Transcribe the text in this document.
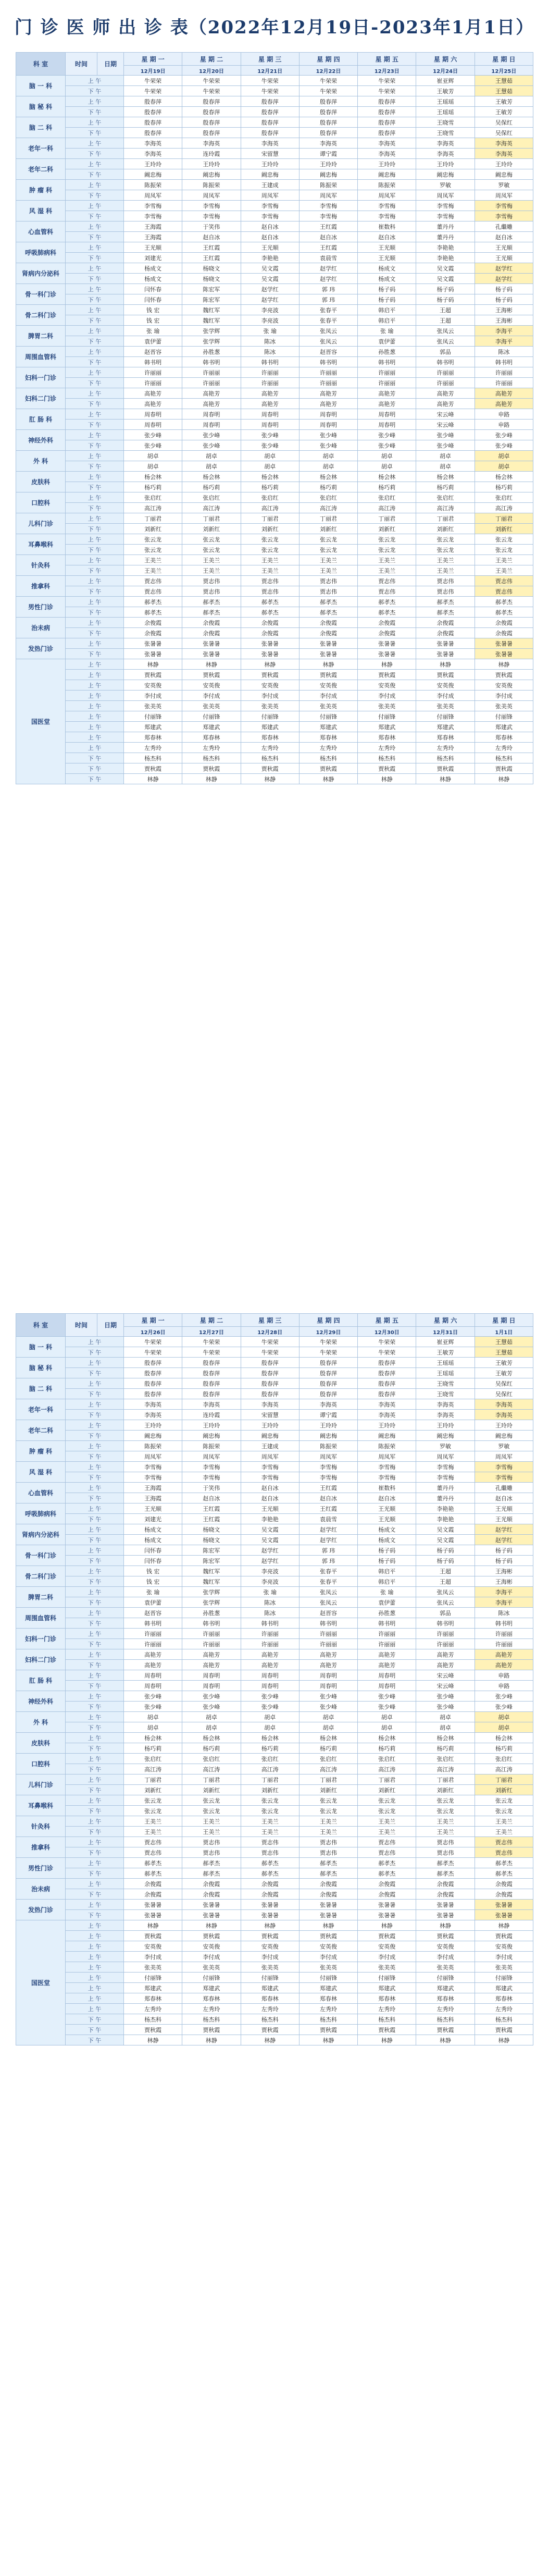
门 诊 医 师 出 诊 表（2022年12月19日-2023年1月1日）
科 室	时间	日期	星 期 一	星 期 二	星 期 三	星 期 四	星 期 五	星 期 六	星 期 日
			12月19日	12月20日	12月21日	12月22日	12月23日	12月24日	12月25日
脑 一 科	上 午		牛荣荣	牛荣荣	牛荣荣	牛荣荣	牛荣荣	崔亚辉	王慧茹
	下 午		牛荣荣	牛荣荣	牛荣荣	牛荣荣	牛荣荣	王敏芳	王慧茹
脑 秘 科	上 午		殷春萍	殷春萍	殷春萍	殷春萍	殷春萍	王瑶瑶	王敏芳
	下 午		殷春萍	殷春萍	殷春萍	殷春萍	殷春萍	王瑶瑶	王敏芳
脑 二 科	上 午		殷春萍	殷春萍	殷春萍	殷春萍	殷春萍	王晓雪	吴保红
	下 午		殷春萍	殷春萍	殷春萍	殷春萍	殷春萍	王晓雪	吴保红
老年一科	上 午		李海英	李海英	李海英	李海英	李海英	李海英	李海英
	下 午		李海英	连玲霞	宋留慧	谭宁霞	李海英	李海英	李海英
老年二科	上 午		王玲玲	王玲玲	王玲玲	王玲玲	王玲玲	王玲玲	王玲玲
	下 午		阚忠梅	阚忠梅	阚忠梅	阚忠梅	阚忠梅	阚忠梅	阚忠梅
肿 瘤 科	上 午		陈振荣	陈振荣	王建成	陈振荣	陈振荣	罗敏	罗敏
	下 午		周凤军	周凤军	周凤军	周凤军	周凤军	周凤军	周凤军
风 湿 科	上 午		李雪梅	李雪梅	李雪梅	李雪梅	李雪梅	李雪梅	李雪梅
	下 午		李雪梅	李雪梅	李雪梅	李雪梅	李雪梅	李雪梅	李雪梅
心血管科	上 午		王海霞	于笑伟	赵自冰	王红霞	崔数科	董丹丹	孔繼雕
	下 午		王海霞	赵自冰	赵自冰	赵自冰	赵自冰	董丹丹	赵自冰
呼吸肺病科	上 午		王光顺	王红霞	王光顺	王红霞	王光顺	李艳艳	王光顺
	下 午		刘建光	王红霞	李艳艳	袁晨雪	王光顺	李艳艳	王光顺
肾病内分泌科	上 午		杨成文	杨晓文	吴文霞	赵学红	杨成文	吴文霞	赵学红
	下 午		杨成文	杨晓文	吴文霞	赵学红	杨成文	吴文霞	赵学红
骨一科门诊	上 午		闫怀春	陈宏军	赵学红	郭 玮	杨子码	杨子码	杨子码
	下 午		闫怀春	陈宏军	赵学红	郭 玮	杨子码	杨子码	杨子码
骨二科门诊	上 午		钱 宏	魏红军	李亮波	张春平	韩启平	王超	王海彬
	下 午		钱 宏	魏红军	李亮波	张春平	韩启平	王超	王海彬
脾胃二科	上 午		张 瑜	张学辉	张 瑜	张凤云	张 瑜	张凤云	李海平
	下 午		袁伊蕾	张学辉	陈冰	张凤云	袁伊蕾	张凤云	李海平
周围血管科	上 午		赵晋容	孙胜葱	陈冰	赵晋容	孙胜葱	郭品	陈冰
	下 午		韩书明	韩书明	韩书明	韩书明	韩书明	韩书明	韩书明
妇科一门诊	上 午		许丽丽	许丽丽	许丽丽	许丽丽	许丽丽	许丽丽	许丽丽
	下 午		许丽丽	许丽丽	许丽丽	许丽丽	许丽丽	许丽丽	许丽丽
妇科二门诊	上 午		高艳芳	高艳芳	高艳芳	高艳芳	高艳芳	高艳芳	高艳芳
	下 午		高艳芳	高艳芳	高艳芳	高艳芳	高艳芳	高艳芳	高艳芳
肛 肠 科	上 午		周春明	周春明	周春明	周春明	周春明	宋云峰	申路
	下 午		周春明	周春明	周春明	周春明	周春明	宋云峰	申路
神经外科	上 午		张少峰	张少峰	张少峰	张少峰	张少峰	张少峰	张少峰
	下 午		张少峰	张少峰	张少峰	张少峰	张少峰	张少峰	张少峰
外 科	上 午		胡卓	胡卓	胡卓	胡卓	胡卓	胡卓	胡卓
	下 午		胡卓	胡卓	胡卓	胡卓	胡卓	胡卓	胡卓
皮肤科	上 午		杨会林	杨会林	杨会林	杨会林	杨会林	杨会林	杨会林
	下 午		杨巧莉	杨巧莉	杨巧莉	杨巧莉	杨巧莉	杨巧莉	杨巧莉
口腔科	上 午		张启红	张启红	张启红	张启红	张启红	张启红	张启红
	下 午		高江涛	高江涛	高江涛	高江涛	高江涛	高江涛	高江涛
儿科门诊	上 午		丁丽君	丁丽君	丁丽君	丁丽君	丁丽君	丁丽君	丁丽君
	下 午		刘新红	刘新红	刘新红	刘新红	刘新红	刘新红	刘新红
耳鼻喉科	上 午		张云龙	张云龙	张云龙	张云龙	张云龙	张云龙	张云龙
	下 午		张云龙	张云龙	张云龙	张云龙	张云龙	张云龙	张云龙
针灸科	上 午		王美兰	王美兰	王美兰	王美兰	王美兰	王美兰	王美兰
	下 午		王美兰	王美兰	王美兰	王美兰	王美兰	王美兰	王美兰
推拿科	上 午		贾志伟	贾志伟	贾志伟	贾志伟	贾志伟	贾志伟	贾志伟
	下 午		贾志伟	贾志伟	贾志伟	贾志伟	贾志伟	贾志伟	贾志伟
男性门诊	上 午		郝孝杰	郝孝杰	郝孝杰	郝孝杰	郝孝杰	郝孝杰	郝孝杰
	下 午		郝孝杰	郝孝杰	郝孝杰	郝孝杰	郝孝杰	郝孝杰	郝孝杰
治未病	上 午		余俊霞	余俊霞	余俊霞	余俊霞	余俊霞	余俊霞	余俊霞
	下 午		余俊霞	余俊霞	余俊霞	余俊霞	余俊霞	余俊霞	余俊霞
发热门诊	上 午		张暑暑	张暑暑	张暑暑	张暑暑	张暑暑	张暑暑	张暑暑
	下 午		张暑暑	张暑暑	张暑暑	张暑暑	张暑暑	张暑暑	张暑暑
国医堂	上 午		林静	林静	林静	林静	林静	林静	林静
	上 午		贾秋霞	贾秋霞	贾秋霞	贾秋霞	贾秋霞	贾秋霞	贾秋霞
	上 午		安英俊	安英俊	安英俊	安英俊	安英俊	安英俊	安英俊
	上 午		李付成	李付成	李付成	李付成	李付成	李付成	李付成
	上 午		张美英	张美英	张美英	张美英	张美英	张美英	张美英
	上 午		付丽锋	付丽锋	付丽锋	付丽锋	付丽锋	付丽锋	付丽锋
	上 午		郑建武	郑建武	郑建武	郑建武	郑建武	郑建武	郑建武
	上 午		郑春林	郑春林	郑春林	郑春林	郑春林	郑春林	郑春林
	上 午		左秀玲	左秀玲	左秀玲	左秀玲	左秀玲	左秀玲	左秀玲
	下 午		杨杰科	杨杰科	杨杰科	杨杰科	杨杰科	杨杰科	杨杰科
	下 午		贾秋霞	贾秋霞	贾秋霞	贾秋霞	贾秋霞	贾秋霞	贾秋霞
	下 午		林静	林静	林静	林静	林静	林静	林静
科 室	时间	日期	星 期 一	星 期 二	星 期 三	星 期 四	星 期 五	星 期 六	星 期 日
			12月26日	12月27日	12月28日	12月29日	12月30日	12月31日	1月1日
脑 一 科	上 午		牛荣荣	牛荣荣	牛荣荣	牛荣荣	牛荣荣	崔亚辉	王慧茹
	下 午		牛荣荣	牛荣荣	牛荣荣	牛荣荣	牛荣荣	王敏芳	王慧茹
脑 秘 科	上 午		殷春萍	殷春萍	殷春萍	殷春萍	殷春萍	王瑶瑶	王敏芳
	下 午		殷春萍	殷春萍	殷春萍	殷春萍	殷春萍	王瑶瑶	王敏芳
脑 二 科	上 午		殷春萍	殷春萍	殷春萍	殷春萍	殷春萍	王晓雪	吴保红
	下 午		殷春萍	殷春萍	殷春萍	殷春萍	殷春萍	王晓雪	吴保红
老年一科	上 午		李海英	李海英	李海英	李海英	李海英	李海英	李海英
	下 午		李海英	连玲霞	宋留慧	谭宁霞	李海英	李海英	李海英
老年二科	上 午		王玲玲	王玲玲	王玲玲	王玲玲	王玲玲	王玲玲	王玲玲
	下 午		阚忠梅	阚忠梅	阚忠梅	阚忠梅	阚忠梅	阚忠梅	阚忠梅
肿 瘤 科	上 午		陈振荣	陈振荣	王建成	陈振荣	陈振荣	罗敏	罗敏
	下 午		周凤军	周凤军	周凤军	周凤军	周凤军	周凤军	周凤军
风 湿 科	上 午		李雪梅	李雪梅	李雪梅	李雪梅	李雪梅	李雪梅	李雪梅
	下 午		李雪梅	李雪梅	李雪梅	李雪梅	李雪梅	李雪梅	李雪梅
心血管科	上 午		王海霞	于笑伟	赵自冰	王红霞	崔数科	董丹丹	孔繼雕
	下 午		王海霞	赵自冰	赵自冰	赵自冰	赵自冰	董丹丹	赵自冰
呼吸肺病科	上 午		王光顺	王红霞	王光顺	王红霞	王光顺	李艳艳	王光顺
	下 午		刘建光	王红霞	李艳艳	袁晨雪	王光顺	李艳艳	王光顺
肾病内分泌科	上 午		杨成文	杨晓文	吴文霞	赵学红	杨成文	吴文霞	赵学红
	下 午		杨成文	杨晓文	吴文霞	赵学红	杨成文	吴文霞	赵学红
骨一科门诊	上 午		闫怀春	陈宏军	赵学红	郭 玮	杨子码	杨子码	杨子码
	下 午		闫怀春	陈宏军	赵学红	郭 玮	杨子码	杨子码	杨子码
骨二科门诊	上 午		钱 宏	魏红军	李亮波	张春平	韩启平	王超	王海彬
	下 午		钱 宏	魏红军	李亮波	张春平	韩启平	王超	王海彬
脾胃二科	上 午		张 瑜	张学辉	张 瑜	张凤云	张 瑜	张凤云	李海平
	下 午		袁伊蕾	张学辉	陈冰	张凤云	袁伊蕾	张凤云	李海平
周围血管科	上 午		赵晋容	孙胜葱	陈冰	赵晋容	孙胜葱	郭品	陈冰
	下 午		韩书明	韩书明	韩书明	韩书明	韩书明	韩书明	韩书明
妇科一门诊	上 午		许丽丽	许丽丽	许丽丽	许丽丽	许丽丽	许丽丽	许丽丽
	下 午		许丽丽	许丽丽	许丽丽	许丽丽	许丽丽	许丽丽	许丽丽
妇科二门诊	上 午		高艳芳	高艳芳	高艳芳	高艳芳	高艳芳	高艳芳	高艳芳
	下 午		高艳芳	高艳芳	高艳芳	高艳芳	高艳芳	高艳芳	高艳芳
肛 肠 科	上 午		周春明	周春明	周春明	周春明	周春明	宋云峰	申路
	下 午		周春明	周春明	周春明	周春明	周春明	宋云峰	申路
神经外科	上 午		张少峰	张少峰	张少峰	张少峰	张少峰	张少峰	张少峰
	下 午		张少峰	张少峰	张少峰	张少峰	张少峰	张少峰	张少峰
外 科	上 午		胡卓	胡卓	胡卓	胡卓	胡卓	胡卓	胡卓
	下 午		胡卓	胡卓	胡卓	胡卓	胡卓	胡卓	胡卓
皮肤科	上 午		杨会林	杨会林	杨会林	杨会林	杨会林	杨会林	杨会林
	下 午		杨巧莉	杨巧莉	杨巧莉	杨巧莉	杨巧莉	杨巧莉	杨巧莉
口腔科	上 午		张启红	张启红	张启红	张启红	张启红	张启红	张启红
	下 午		高江涛	高江涛	高江涛	高江涛	高江涛	高江涛	高江涛
儿科门诊	上 午		丁丽君	丁丽君	丁丽君	丁丽君	丁丽君	丁丽君	丁丽君
	下 午		刘新红	刘新红	刘新红	刘新红	刘新红	刘新红	刘新红
耳鼻喉科	上 午		张云龙	张云龙	张云龙	张云龙	张云龙	张云龙	张云龙
	下 午		张云龙	张云龙	张云龙	张云龙	张云龙	张云龙	张云龙
针灸科	上 午		王美兰	王美兰	王美兰	王美兰	王美兰	王美兰	王美兰
	下 午		王美兰	王美兰	王美兰	王美兰	王美兰	王美兰	王美兰
推拿科	上 午		贾志伟	贾志伟	贾志伟	贾志伟	贾志伟	贾志伟	贾志伟
	下 午		贾志伟	贾志伟	贾志伟	贾志伟	贾志伟	贾志伟	贾志伟
男性门诊	上 午		郝孝杰	郝孝杰	郝孝杰	郝孝杰	郝孝杰	郝孝杰	郝孝杰
	下 午		郝孝杰	郝孝杰	郝孝杰	郝孝杰	郝孝杰	郝孝杰	郝孝杰
治未病	上 午		余俊霞	余俊霞	余俊霞	余俊霞	余俊霞	余俊霞	余俊霞
	下 午		余俊霞	余俊霞	余俊霞	余俊霞	余俊霞	余俊霞	余俊霞
发热门诊	上 午		张暑暑	张暑暑	张暑暑	张暑暑	张暑暑	张暑暑	张暑暑
	下 午		张暑暑	张暑暑	张暑暑	张暑暑	张暑暑	张暑暑	张暑暑
国医堂	上 午		林静	林静	林静	林静	林静	林静	林静
	上 午		贾秋霞	贾秋霞	贾秋霞	贾秋霞	贾秋霞	贾秋霞	贾秋霞
	上 午		安英俊	安英俊	安英俊	安英俊	安英俊	安英俊	安英俊
	上 午		李付成	李付成	李付成	李付成	李付成	李付成	李付成
	上 午		张美英	张美英	张美英	张美英	张美英	张美英	张美英
	上 午		付丽锋	付丽锋	付丽锋	付丽锋	付丽锋	付丽锋	付丽锋
	上 午		郑建武	郑建武	郑建武	郑建武	郑建武	郑建武	郑建武
	上 午		郑春林	郑春林	郑春林	郑春林	郑春林	郑春林	郑春林
	上 午		左秀玲	左秀玲	左秀玲	左秀玲	左秀玲	左秀玲	左秀玲
	下 午		杨杰科	杨杰科	杨杰科	杨杰科	杨杰科	杨杰科	杨杰科
	下 午		贾秋霞	贾秋霞	贾秋霞	贾秋霞	贾秋霞	贾秋霞	贾秋霞
	下 午		林静	林静	林静	林静	林静	林静	林静
